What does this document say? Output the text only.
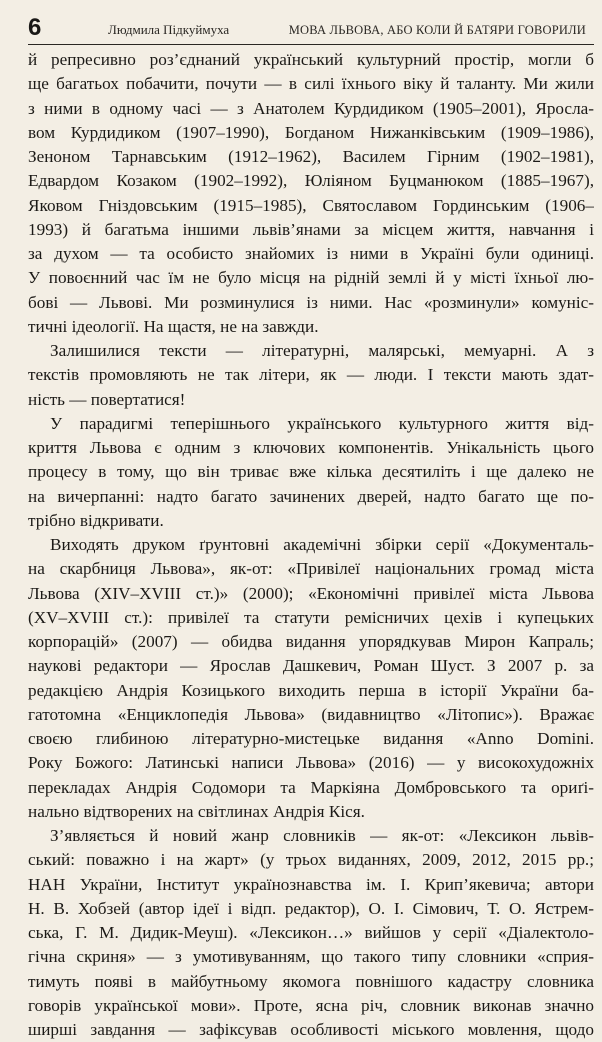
6	Людмила Підкуймуха	МОВА ЛЬВОВА, АБО КОЛИ Й БАТЯРИ ГОВОРИЛИ
й репресивно роз’єднаний український культурний простір, могли б
ще багатьох побачити, почути — в силі їхнього віку й таланту. Ми жили
з ними в одному часі — з Анатолем Курдидиком (1905–2001), Яросла-
вом Курдидиком (1907–1990), Богданом Нижанківським (1909–1986),
Зеноном Тарнавським (1912–1962), Василем Гірним (1902–1981),
Едвардом Козаком (1902–1992), Юліяном Буцманюком (1885–1967),
Яковом Гніздовським (1915–1985), Святославом Гординським (1906–
1993) й багатьма іншими львів’янами за місцем життя, навчання і
за духом — та особисто знайомих із ними в Україні були одиниці.
У повоєнний час їм не було місця на рідній землі й у місті їхньої лю-
бові — Львові. Ми розминулися із ними. Нас «розминули» комуніс-
тичні ідеології. На щастя, не на завжди.
Залишилися тексти — літературні, малярські, мемуарні. А з
текстів промовляють не так літери, як — люди. І тексти мають здат-
ність — повертатися!
У парадигмі теперішнього українського культурного життя від-
криття Львова є одним з ключових компонентів. Унікальність цього
процесу в тому, що він триває вже кілька десятиліть і ще далеко не
на вичерпанні: надто багато зачинених дверей, надто багато ще по-
трібно відкривати.
Виходять друком ґрунтовні академічні збірки серії «Документаль-
на скарбниця Львова», як-от: «Привілеї національних громад міста
Львова (XIV–XVIII ст.)» (2000); «Економічні привілеї міста Львова
(XV–XVIII ст.): привілеї та статути ремісничих цехів і купецьких
корпорацій» (2007) — обидва видання упорядкував Мирон Капраль;
наукові редактори — Ярослав Дашкевич, Роман Шуст. З 2007 р. за
редакцією Андрія Козицького виходить перша в історії України ба-
гатотомна «Енциклопедія Львова» (видавництво «Літопис»). Вражає
своєю глибиною літературно-мистецьке видання «Anno Domini.
Року Божого: Латинські написи Львова» (2016) — у високохудожніх
перекладах Андрія Содомори та Маркіяна Домбровського та ориґі-
нально відтворених на світлинах Андрія Кіся.
З’являється й новий жанр словників — як-от: «Лексикон львів-
ський: поважно і на жарт» (у трьох виданнях, 2009, 2012, 2015 рр.;
НАН України, Інститут українознавства ім. І. Крип’якевича; автори
Н. В. Хобзей (автор ідеї і відп. редактор), О. І. Сімович, Т. О. Ястрем-
ська, Г. М. Дидик-Меуш). «Лексикон…» вийшов у серії «Діалектоло-
гічна скриня» — з умотивуванням, що такого типу словники «сприя-
тимуть появі в майбутньому якомога повнішого кадастру словника
говорів української мови». Проте, ясна річ, словник виконав значно
ширші завдання — зафіксував особливості міського мовлення, щодо
